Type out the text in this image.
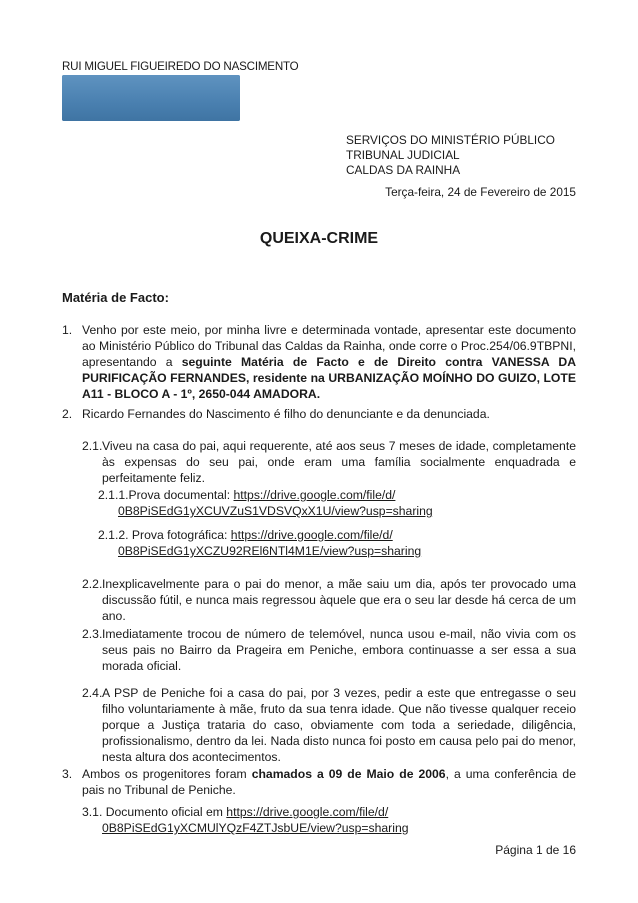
RUI MIGUEL FIGUEIREDO DO NASCIMENTO
SERVIÇOS DO MINISTÉRIO PÚBLICO
TRIBUNAL JUDICIAL
CALDAS DA RAINHA
Terça-feira, 24 de Fevereiro de 2015
QUEIXA-CRIME
Matéria de Facto:
1. Venho por este meio, por minha livre e determinada vontade, apresentar este documento ao Ministério Público do Tribunal das Caldas da Rainha, onde corre o Proc.254/06.9TBPNI, apresentando a seguinte Matéria de Facto e de Direito contra VANESSA DA PURIFICAÇÃO FERNANDES, residente na URBANIZAÇÃO MOÍNHO DO GUIZO, LOTE A11 - BLOCO A - 1º, 2650-044 AMADORA.
2. Ricardo Fernandes do Nascimento é filho do denunciante e da denunciada.
2.1. Viveu na casa do pai, aqui requerente, até aos seus 7 meses de idade, completamente às expensas do seu pai, onde eram uma família socialmente enquadrada e perfeitamente feliz.
2.1.1.Prova documental: https://drive.google.com/file/d/
0B8PiSEdG1yXCUVZuS1VDSVQxX1U/view?usp=sharing
2.1.2. Prova fotográfica: https://drive.google.com/file/d/
0B8PiSEdG1yXCZU92REl6NTl4M1E/view?usp=sharing
2.2. Inexplicavelmente para o pai do menor, a mãe saiu um dia, após ter provocado uma discussão fútil, e nunca mais regressou àquele que era o seu lar desde há cerca de um ano.
2.3. Imediatamente trocou de número de telemóvel, nunca usou e-mail, não vivia com os seus pais no Bairro da Prageira em Peniche, embora continuasse a ser essa a sua morada oficial.
2.4. A PSP de Peniche foi a casa do pai, por 3 vezes, pedir a este que entregasse o seu filho voluntariamente à mãe, fruto da sua tenra idade. Que não tivesse qualquer receio porque a Justiça trataria do caso, obviamente com toda a seriedade, diligência, profissionalismo, dentro da lei. Nada disto nunca foi posto em causa pelo pai do menor, nesta altura dos acontecimentos.
3. Ambos os progenitores foram chamados a 09 de Maio de 2006, a uma conferência de pais no Tribunal de Peniche.
3.1. Documento oficial em https://drive.google.com/file/d/
0B8PiSEdG1yXCMUlYQzF4ZTJsbUE/view?usp=sharing
Página 1 de 16
